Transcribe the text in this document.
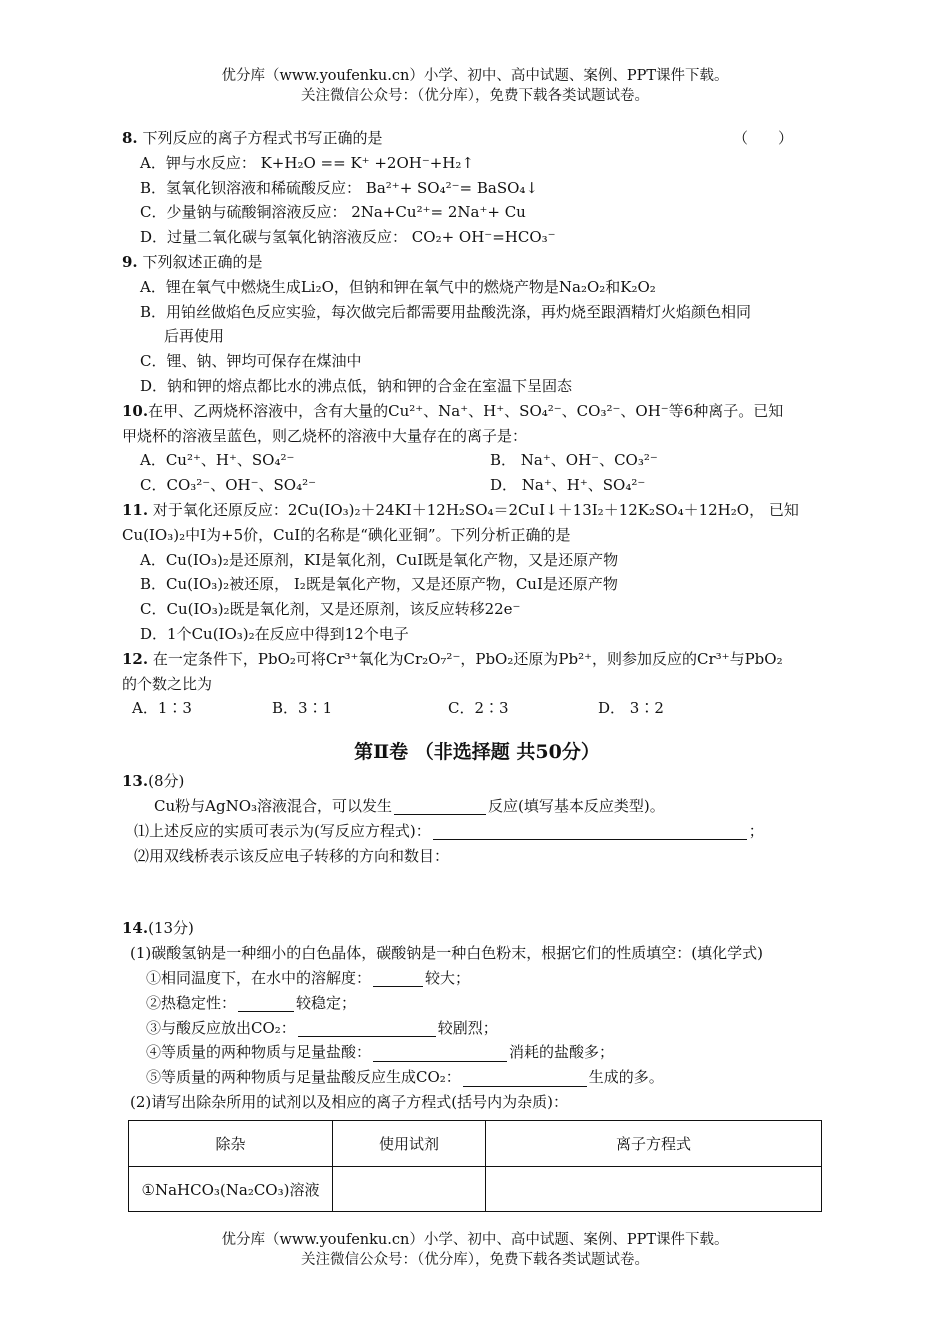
优分库（www.youfenku.cn）小学、初中、高中试题、案例、PPT课件下载。
关注微信公众号：（优分库），免费下载各类试题试卷。
8. 下列反应的离子方程式书写正确的是	（　　）
A．钾与水反应： K+H₂O == K⁺ +2OH⁻+H₂↑
B．氢氧化钡溶液和稀硫酸反应： Ba²⁺+ SO₄²⁻= BaSO₄↓
C．少量钠与硫酸铜溶液反应： 2Na+Cu²⁺= 2Na⁺+ Cu
D．过量二氧化碳与氢氧化钠溶液反应： CO₂+ OH⁻=HCO₃⁻
9. 下列叙述正确的是
A．锂在氧气中燃烧生成Li₂O，但钠和钾在氧气中的燃烧产物是Na₂O₂和K₂O₂
B．用铂丝做焰色反应实验，每次做完后都需要用盐酸洗涤，再灼烧至跟酒精灯火焰颜色相同
后再使用
C．锂、钠、钾均可保存在煤油中
D．钠和钾的熔点都比水的沸点低，钠和钾的合金在室温下呈固态
10.在甲、乙两烧杯溶液中，含有大量的Cu²⁺、Na⁺、H⁺、SO₄²⁻、CO₃²⁻、OH⁻等6种离子。已知
甲烧杯的溶液呈蓝色，则乙烧杯的溶液中大量存在的离子是：
A．Cu²⁺、H⁺、SO₄²⁻	B． Na⁺、OH⁻、CO₃²⁻
C．CO₃²⁻、OH⁻、SO₄²⁻	D． Na⁺、H⁺、SO₄²⁻
11. 对于氧化还原反应：2Cu(IO₃)₂＋24KI＋12H₂SO₄＝2CuI↓＋13I₂＋12K₂SO₄＋12H₂O， 已知
Cu(IO₃)₂中I为+5价，CuI的名称是“碘化亚铜”。下列分析正确的是
A．Cu(IO₃)₂是还原剂，KI是氧化剂，CuI既是氧化产物，又是还原产物
B．Cu(IO₃)₂被还原， I₂既是氧化产物，又是还原产物，CuI是还原产物
C．Cu(IO₃)₂既是氧化剂，又是还原剂，该反应转移22e⁻
D．1个Cu(IO₃)₂在反应中得到12个电子
12. 在一定条件下，PbO₂可将Cr³⁺氧化为Cr₂O₇²⁻，PbO₂还原为Pb²⁺，则参加反应的Cr³⁺与PbO₂
的个数之比为
A．1∶3	B．3∶1	C．2∶3	D． 3∶2
第Ⅱ卷 （非选择题 共50分）
13.(8分)
Cu粉与AgNO₃溶液混合，可以发生	反应(填写基本反应类型)。
⑴上述反应的实质可表示为(写反应方程式)：	；
⑵用双线桥表示该反应电子转移的方向和数目：
14.(13分)
(1)碳酸氢钠是一种细小的白色晶体，碳酸钠是一种白色粉末，根据它们的性质填空：(填化学式)
①相同温度下，在水中的溶解度：	较大；
②热稳定性：	较稳定；
③与酸反应放出CO₂：	较剧烈；
④等质量的两种物质与足量盐酸：	消耗的盐酸多；
⑤等质量的两种物质与足量盐酸反应生成CO₂：	生成的多。
(2)请写出除杂所用的试剂以及相应的离子方程式(括号内为杂质)：
除杂	使用试剂	离子方程式
①NaHCO₃(Na₂CO₃)溶液		
优分库（www.youfenku.cn）小学、初中、高中试题、案例、PPT课件下载。
关注微信公众号：（优分库），免费下载各类试题试卷。
